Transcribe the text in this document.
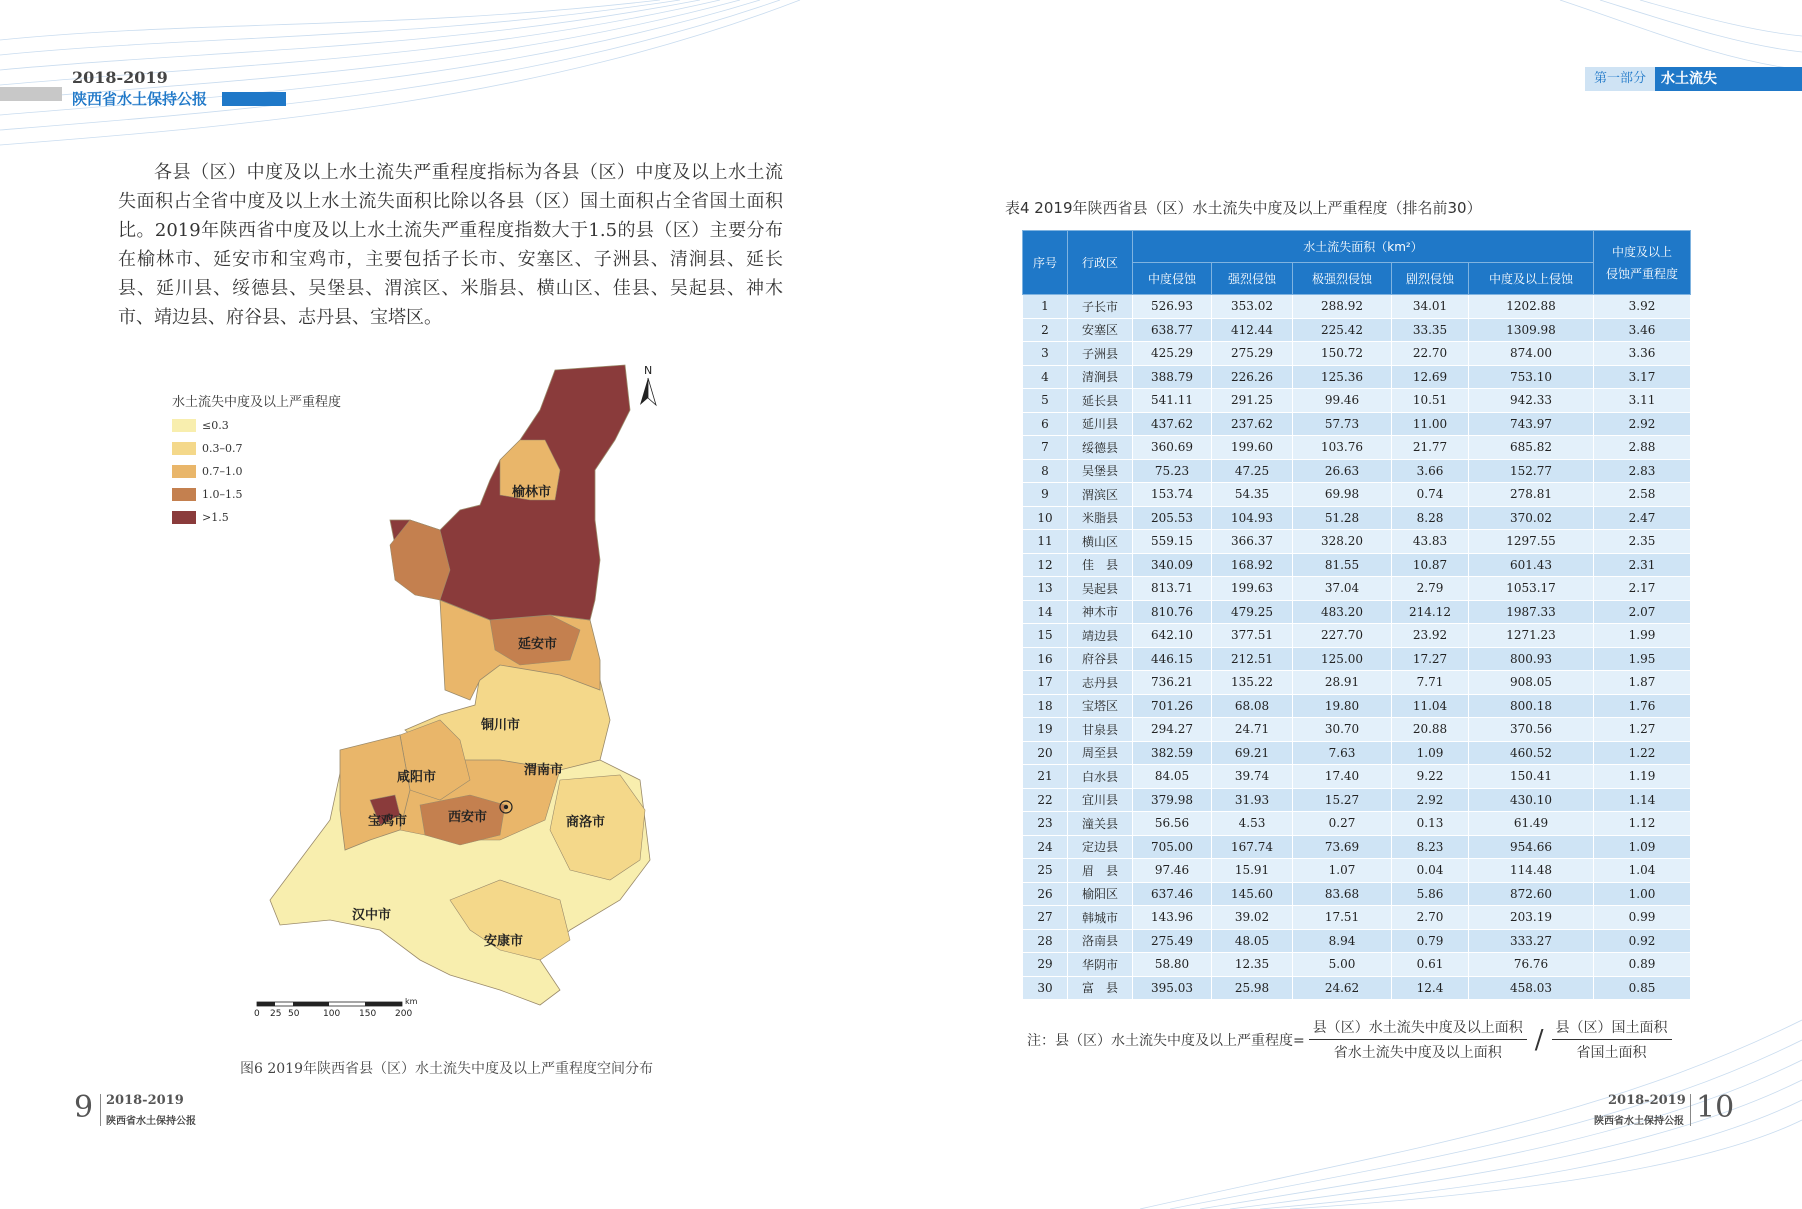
2018-2019
陕西省水土保持公报
第一部分	水土流失
各县（区）中度及以上水土流失严重程度指标为各县（区）中度及以上水土流失面积占全省中度及以上水土流失面积比除以各县（区）国土面积占全省国土面积比。2019年陕西省中度及以上水土流失严重程度指数大于1.5的县（区）主要分布在榆林市、延安市和宝鸡市，主要包括子长市、安塞区、子洲县、清涧县、延长县、延川县、绥德县、吴堡县、渭滨区、米脂县、横山区、佳县、吴起县、神木市、靖边县、府谷县、志丹县、宝塔区。
水土流失中度及以上严重程度
≤0.3
0.3–0.7
0.7–1.0
1.0–1.5
>1.5
N
榆林市
延安市
铜川市
渭南市
咸阳市
西安市
宝鸡市	商洛市
汉中市
安康市
0 25 50	100 150 200
km
图6 2019年陕西省县（区）水土流失中度及以上严重程度空间分布
表4 2019年陕西省县（区）水土流失中度及以上严重程度（排名前30）
序号	行政区	水土流失面积（km²）					中度及以上
侵蚀严重程度

		中度侵蚀	强烈侵蚀	极强烈侵蚀	剧烈侵蚀	中度及以上侵蚀	
1	子长市	526.93	353.02	288.92	34.01	1202.88	3.92
2	安塞区	638.77	412.44	225.42	33.35	1309.98	3.46
3	子洲县	425.29	275.29	150.72	22.70	874.00	3.36
4	清涧县	388.79	226.26	125.36	12.69	753.10	3.17
5	延长县	541.11	291.25	99.46	10.51	942.33	3.11
6	延川县	437.62	237.62	57.73	11.00	743.97	2.92
7	绥德县	360.69	199.60	103.76	21.77	685.82	2.88
8	吴堡县	75.23	47.25	26.63	3.66	152.77	2.83
9	渭滨区	153.74	54.35	69.98	0.74	278.81	2.58
10	米脂县	205.53	104.93	51.28	8.28	370.02	2.47
11	横山区	559.15	366.37	328.20	43.83	1297.55	2.35
12	佳　县	340.09	168.92	81.55	10.87	601.43	2.31
13	吴起县	813.71	199.63	37.04	2.79	1053.17	2.17
14	神木市	810.76	479.25	483.20	214.12	1987.33	2.07
15	靖边县	642.10	377.51	227.70	23.92	1271.23	1.99
16	府谷县	446.15	212.51	125.00	17.27	800.93	1.95
17	志丹县	736.21	135.22	28.91	7.71	908.05	1.87
18	宝塔区	701.26	68.08	19.80	11.04	800.18	1.76
19	甘泉县	294.27	24.71	30.70	20.88	370.56	1.27
20	周至县	382.59	69.21	7.63	1.09	460.52	1.22
21	白水县	84.05	39.74	17.40	9.22	150.41	1.19
22	宜川县	379.98	31.93	15.27	2.92	430.10	1.14
23	潼关县	56.56	4.53	0.27	0.13	61.49	1.12
24	定边县	705.00	167.74	73.69	8.23	954.66	1.09
25	眉　县	97.46	15.91	1.07	0.04	114.48	1.04
26	榆阳区	637.46	145.60	83.68	5.86	872.60	1.00
27	韩城市	143.96	39.02	17.51	2.70	203.19	0.99
28	洛南县	275.49	48.05	8.94	0.79	333.27	0.92
29	华阴市	58.80	12.35	5.00	0.61	76.76	0.89
30	富　县	395.03	25.98	24.62	12.4	458.03	0.85
注：县（区）水土流失中度及以上严重程度= $\frac{\text{县（区）水土流失中度及以上面积}}{\text{省水土流失中度及以上面积}} / \frac{\text{县（区）国土面积}}{\text{省国土面积}}$
9 2018-2019
陕西省水土保持公报
2018-2019
陕西省水土保持公报 10
